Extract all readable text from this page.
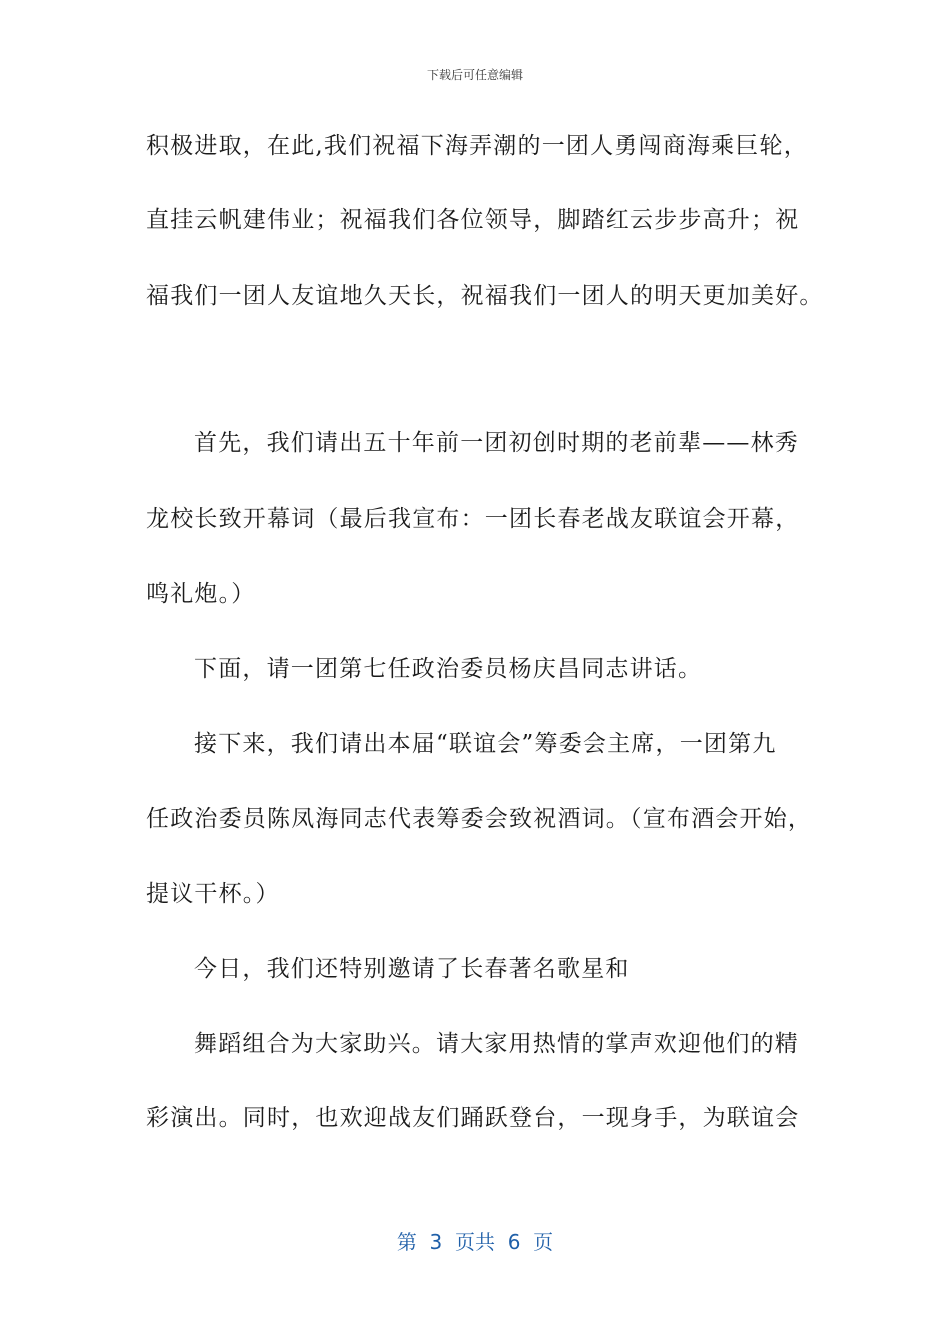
下载后可任意编辑
积极进取，在此,我们祝福下海弄潮的一团人勇闯商海乘巨轮，
直挂云帆建伟业；祝福我们各位领导，脚踏红云步步高升；祝
福我们一团人友谊地久天长，祝福我们一团人的明天更加美好。
首先，我们请出五十年前一团初创时期的老前辈——林秀
龙校长致开幕词（最后我宣布：一团长春老战友联谊会开幕，
鸣礼炮。）
下面，请一团第七任政治委员杨庆昌同志讲话。
接下来，我们请出本届“联谊会”筹委会主席，一团第九
任政治委员陈凤海同志代表筹委会致祝酒词。（宣布酒会开始，
提议干杯。）
今日，我们还特别邀请了长春著名歌星和
舞蹈组合为大家助兴。请大家用热情的掌声欢迎他们的精
彩演出。同时，也欢迎战友们踊跃登台，一现身手，为联谊会
第  3  页共  6  页
